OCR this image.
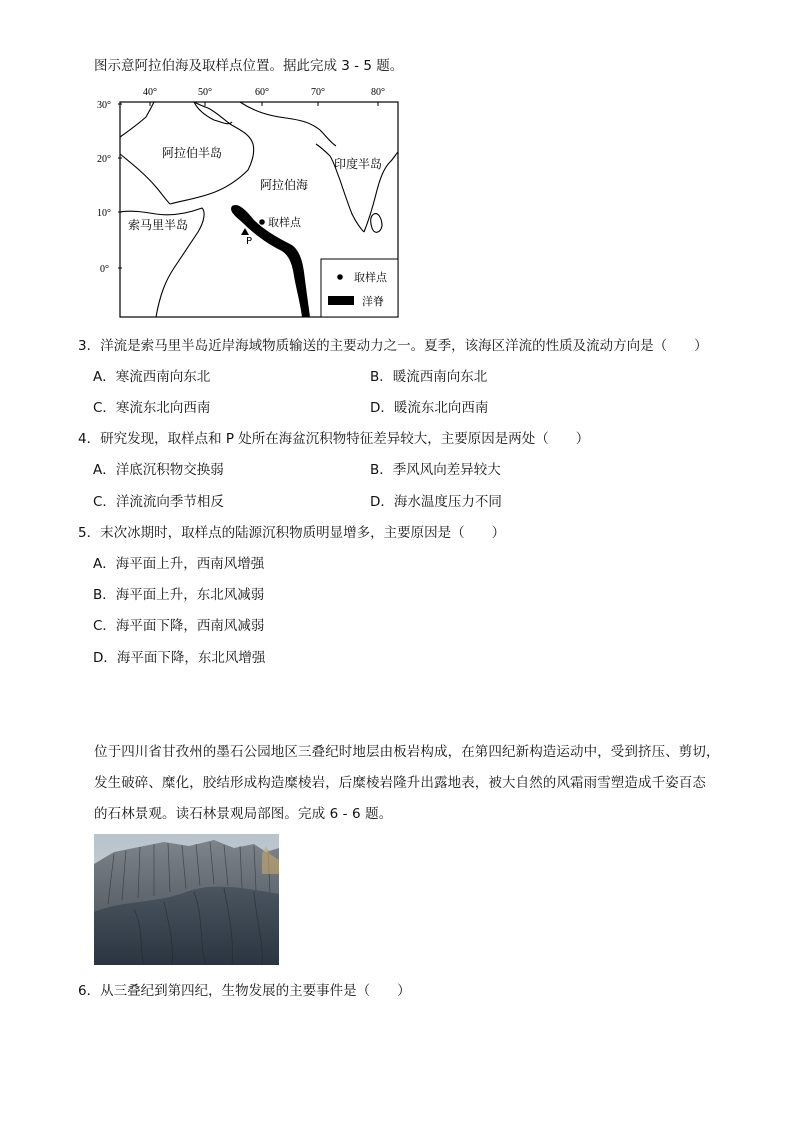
图示意阿拉伯海及取样点位置。据此完成 3 - 5 题。
40°	50°	60°	70°	80°
30°
20°
10°
0°
取样点
P
阿拉伯半岛
阿拉伯海
印度半岛
索马里半岛
取样点
洋脊
3．洋流是索马里半岛近岸海域物质输送的主要动力之一。夏季，该海区洋流的性质及流动方向是（　　）
A．寒流西南向东北	B．暖流西南向东北
C．寒流东北向西南	D．暖流东北向西南
4．研究发现，取样点和 P 处所在海盆沉积物特征差异较大，主要原因是两处（　　）
A．洋底沉积物交换弱	B．季风风向差异较大
C．洋流流向季节相反	D．海水温度压力不同
5．末次冰期时，取样点的陆源沉积物质明显增多，主要原因是（　　）
A．海平面上升，西南风增强
B．海平面上升，东北风减弱
C．海平面下降，西南风减弱
D．海平面下降，东北风增强
位于四川省甘孜州的墨石公园地区三叠纪时地层由板岩构成，在第四纪新构造运动中，受到挤压、剪切，
发生破碎、糜化，胶结形成构造糜棱岩，后糜棱岩隆升出露地表，被大自然的风霜雨雪塑造成千姿百态
的石林景观。读石林景观局部图。完成 6 - 6 题。
6．从三叠纪到第四纪，生物发展的主要事件是（　　）
